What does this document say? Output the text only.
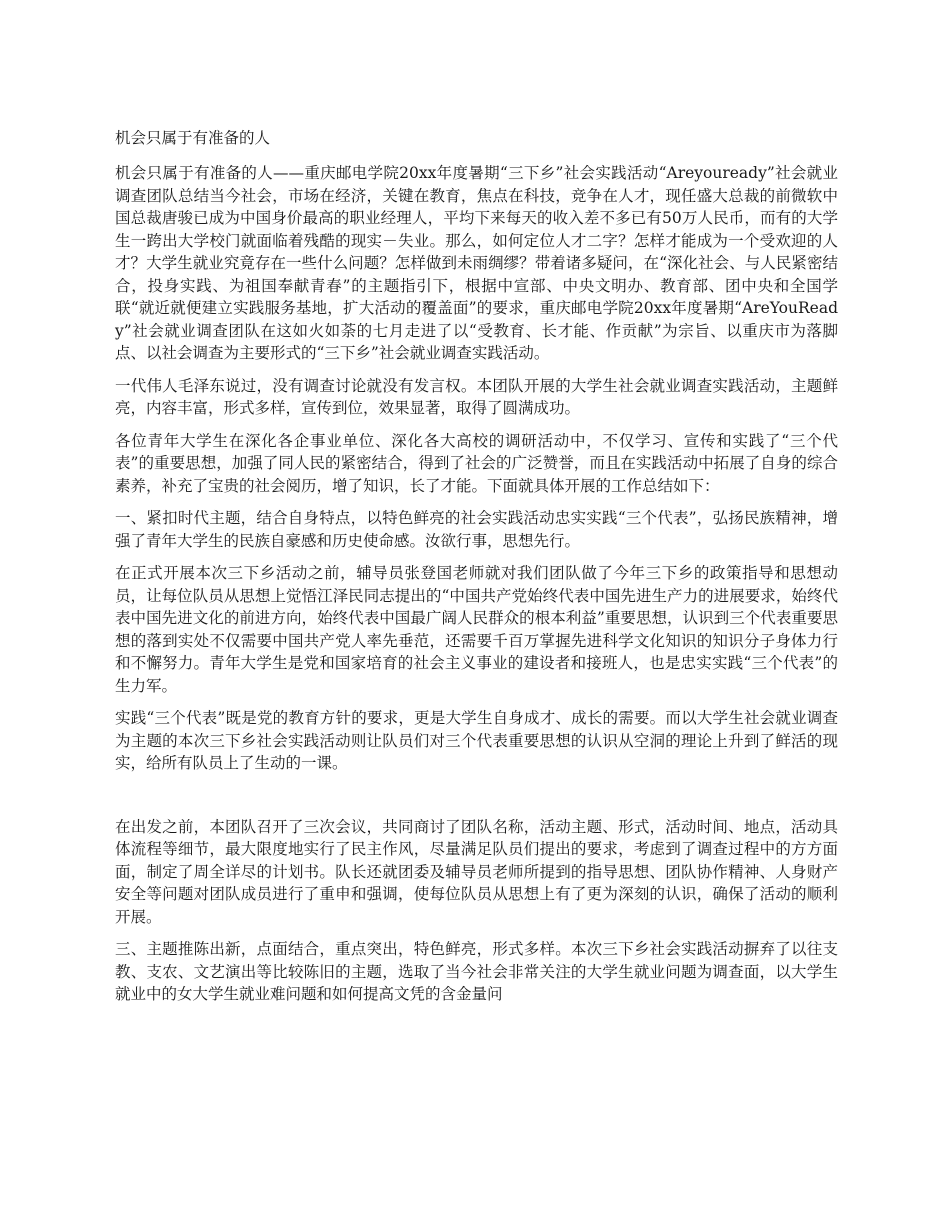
机会只属于有准备的人

机会只属于有准备的人——重庆邮电学院20xx年度暑期“三下乡”社会实践活动“Areyouready”社会就业调查团队总结当今社会，市场在经济，关键在教育，焦点在科技，竞争在人才，现任盛大总裁的前微软中国总裁唐骏已成为中国身价最高的职业经理人，平均下来每天的收入差不多已有50万人民币，而有的大学生一跨出大学校门就面临着残酷的现实－失业。那么，如何定位人才二字？怎样才能成为一个受欢迎的人才？大学生就业究竟存在一些什么问题？怎样做到未雨绸缪？带着诸多疑问，在“深化社会、与人民紧密结合，投身实践、为祖国奉献青春”的主题指引下，根据中宣部、中央文明办、教育部、团中央和全国学联“就近就便建立实践服务基地，扩大活动的覆盖面”的要求，重庆邮电学院20xx年度暑期“AreYouReady”社会就业调查团队在这如火如荼的七月走进了以“受教育、长才能、作贡献”为宗旨、以重庆市为落脚点、以社会调查为主要形式的“三下乡”社会就业调查实践活动。

一代伟人毛泽东说过，没有调查讨论就没有发言权。本团队开展的大学生社会就业调查实践活动，主题鲜亮，内容丰富，形式多样，宣传到位，效果显著，取得了圆满成功。

各位青年大学生在深化各企事业单位、深化各大高校的调研活动中，不仅学习、宣传和实践了“三个代表”的重要思想，加强了同人民的紧密结合，得到了社会的广泛赞誉，而且在实践活动中拓展了自身的综合素养，补充了宝贵的社会阅历，增了知识，长了才能。下面就具体开展的工作总结如下：

一、紧扣时代主题，结合自身特点，以特色鲜亮的社会实践活动忠实实践“三个代表”，弘扬民族精神，增强了青年大学生的民族自豪感和历史使命感。汝欲行事，思想先行。

在正式开展本次三下乡活动之前，辅导员张登国老师就对我们团队做了今年三下乡的政策指导和思想动员，让每位队员从思想上觉悟江泽民同志提出的“中国共产党始终代表中国先进生产力的进展要求，始终代表中国先进文化的前进方向，始终代表中国最广阔人民群众的根本利益”重要思想，认识到三个代表重要思想的落到实处不仅需要中国共产党人率先垂范，还需要千百万掌握先进科学文化知识的知识分子身体力行和不懈努力。青年大学生是党和国家培育的社会主义事业的建设者和接班人，也是忠实实践“三个代表”的生力军。

实践“三个代表”既是党的教育方针的要求，更是大学生自身成才、成长的需要。而以大学生社会就业调查为主题的本次三下乡社会实践活动则让队员们对三个代表重要思想的认识从空洞的理论上升到了鲜活的现实，给所有队员上了生动的一课。

在出发之前，本团队召开了三次会议，共同商讨了团队名称，活动主题、形式，活动时间、地点，活动具体流程等细节，最大限度地实行了民主作风，尽量满足队员们提出的要求，考虑到了调查过程中的方方面面，制定了周全详尽的计划书。队长还就团委及辅导员老师所提到的指导思想、团队协作精神、人身财产安全等问题对团队成员进行了重申和强调，使每位队员从思想上有了更为深刻的认识，确保了活动的顺利开展。

三、主题推陈出新，点面结合，重点突出，特色鲜亮，形式多样。本次三下乡社会实践活动摒弃了以往支教、支农、文艺演出等比较陈旧的主题，选取了当今社会非常关注的大学生就业问题为调查面，以大学生就业中的女大学生就业难问题和如何提高文凭的含金量问
